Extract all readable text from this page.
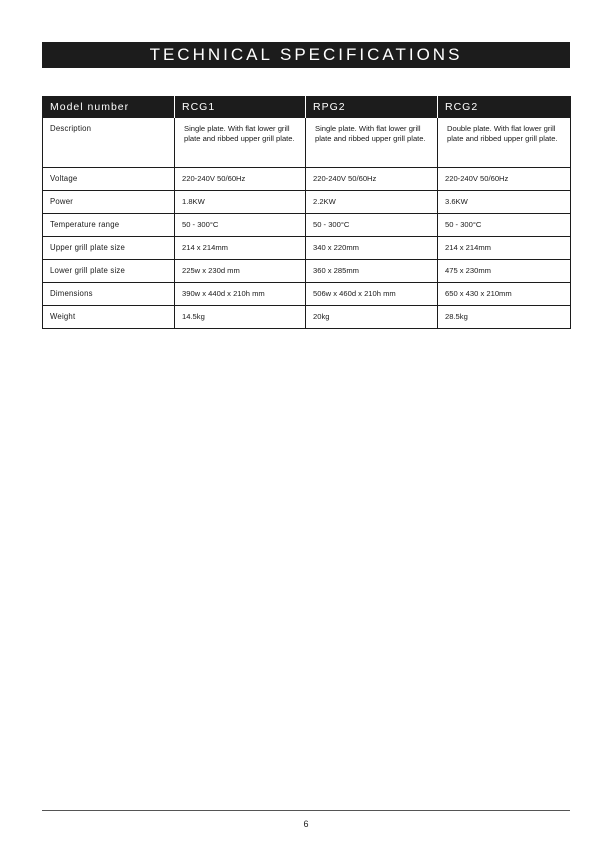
TECHNICAL SPECIFICATIONS
Model number	RCG1	RPG2	RCG2
Description	Single plate. With flat lower grill plate and ribbed upper grill plate.	Single plate. With flat lower grill plate and ribbed upper grill plate.	Double plate. With flat lower grill plate and ribbed upper grill plate.
Voltage	220-240V 50/60Hz	220-240V 50/60Hz	220-240V 50/60Hz
Power	1.8KW	2.2KW	3.6KW
Temperature range	50 - 300°C	50 - 300°C	50 - 300°C
Upper grill plate size	214 x 214mm	340 x 220mm	214 x 214mm
Lower grill plate size	225w x 230d mm	360 x 285mm	475 x 230mm
Dimensions	390w x 440d x 210h mm	506w x 460d x 210h mm	650 x 430 x 210mm
Weight	14.5kg	20kg	28.5kg
6
